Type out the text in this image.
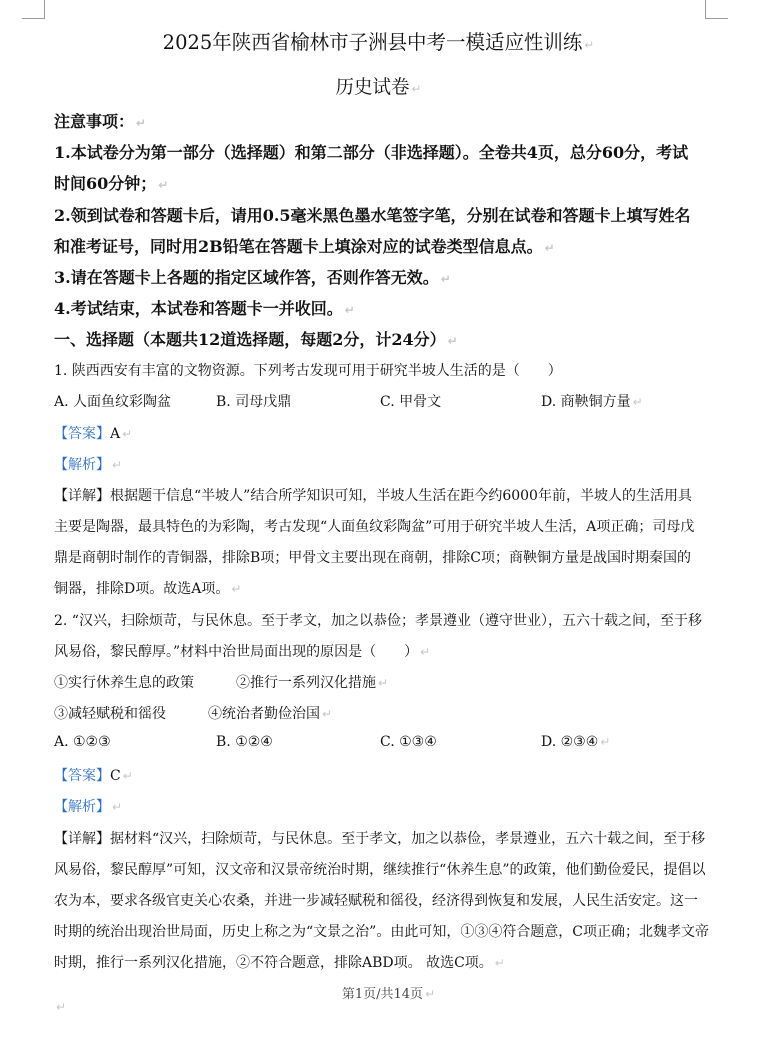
2025年陕西省榆林市子洲县中考一模适应性训练 ↵
历史试卷 ↵
注意事项： ↵
1.本试卷分为第一部分（选择题）和第二部分（非选择题）。全卷共4页，总分60分，考试
时间60分钟； ↵
2.领到试卷和答题卡后，请用0.5毫米黑色墨水笔签字笔，分别在试卷和答题卡上填写姓名
和准考证号，同时用2B铅笔在答题卡上填涂对应的试卷类型信息点。 ↵
3.请在答题卡上各题的指定区域作答，否则作答无效。 ↵
4.考试结束，本试卷和答题卡一并收回。 ↵
一、选择题（本题共12道选择题，每题2分，计24分） ↵
1. 陕西西安有丰富的文物资源。下列考古发现可用于研究半坡人生活的是（　　）
A. 人面鱼纹彩陶盆	B. 司母戊鼎	C. 甲骨文	D. 商鞅铜方量 ↵
【答案】A ↵
【解析】 ↵
【详解】根据题干信息“半坡人”结合所学知识可知，半坡人生活在距今约6000年前，半坡人的生活用具
主要是陶器，最具特色的为彩陶，考古发现“人面鱼纹彩陶盆”可用于研究半坡人生活，A项正确；司母戊
鼎是商朝时制作的青铜器，排除B项；甲骨文主要出现在商朝，排除C项；商鞅铜方量是战国时期秦国的
铜器，排除D项。故选A项。 ↵
2. “汉兴，扫除烦苛，与民休息。至于孝文，加之以恭俭；孝景遵业（遵守世业），五六十载之间，至于移
风易俗，黎民醇厚。”材料中治世局面出现的原因是（　　） ↵
①实行休养生息的政策	②推行一系列汉化措施 ↵
③减轻赋税和徭役	④统治者勤俭治国 ↵
A. ①②③	B. ①②④	C. ①③④	D. ②③④ ↵
【答案】C ↵
【解析】 ↵
【详解】据材料“汉兴，扫除烦苛，与民休息。至于孝文，加之以恭俭，孝景遵业，五六十载之间，至于移
风易俗，黎民醇厚”可知，汉文帝和汉景帝统治时期，继续推行“休养生息”的政策，他们勤俭爱民，提倡以
农为本，要求各级官吏关心农桑，并进一步减轻赋税和徭役，经济得到恢复和发展，人民生活安定。这一
时期的统治出现治世局面，历史上称之为“文景之治”。由此可知，①③④符合题意，C项正确；北魏孝文帝
时期，推行一系列汉化措施，②不符合题意，排除ABD项。 故选C项。 ↵
第1页/共14页 ↵
↵
